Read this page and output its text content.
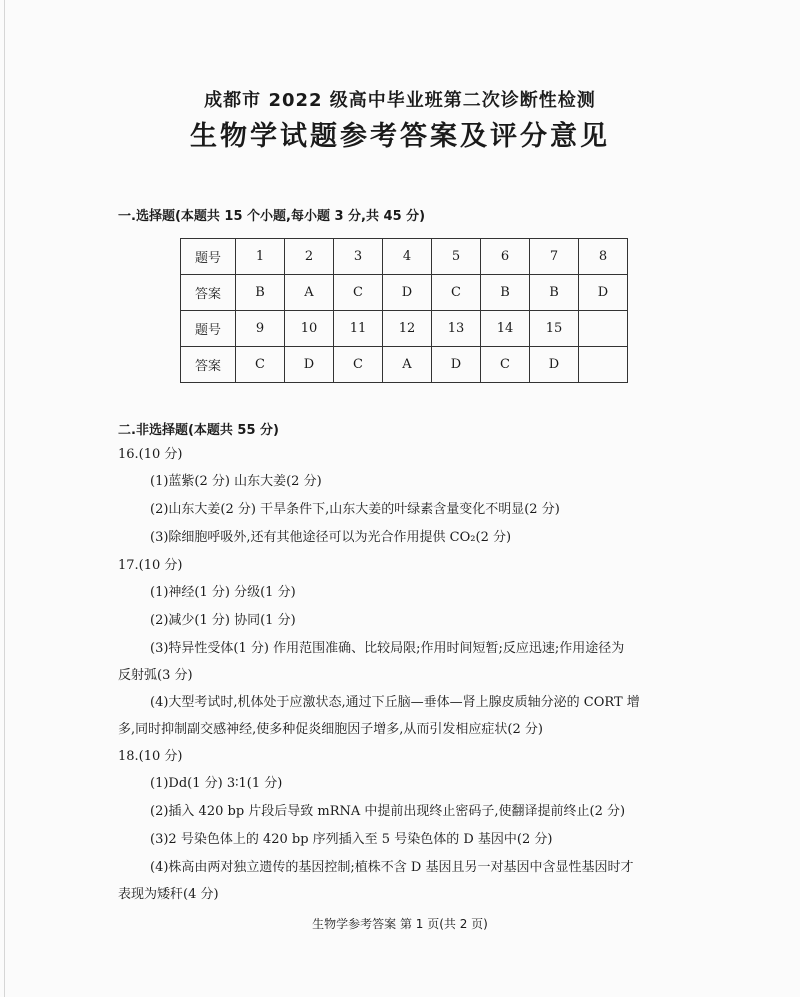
成都市 2022 级高中毕业班第二次诊断性检测
生物学试题参考答案及评分意见
一.选择题(本题共 15 个小题,每小题 3 分,共 45 分)
题号	1	2	3	4	5	6	7	8
答案	B	A	C	D	C	B	B	D
题号	9	10	11	12	13	14	15	
答案	C	D	C	A	D	C	D	
二.非选择题(本题共 55 分)
16.(10 分)
(1)蓝紫(2 分) 山东大姜(2 分)
(2)山东大姜(2 分) 干旱条件下,山东大姜的叶绿素含量变化不明显(2 分)
(3)除细胞呼吸外,还有其他途径可以为光合作用提供 CO₂(2 分)
17.(10 分)
(1)神经(1 分) 分级(1 分)
(2)减少(1 分) 协同(1 分)
(3)特异性受体(1 分) 作用范围准确、比较局限;作用时间短暂;反应迅速;作用途径为
反射弧(3 分)
(4)大型考试时,机体处于应激状态,通过下丘脑—垂体—肾上腺皮质轴分泌的 CORT 增
多,同时抑制副交感神经,使多种促炎细胞因子增多,从而引发相应症状(2 分)
18.(10 分)
(1)Dd(1 分) 3∶1(1 分)
(2)插入 420 bp 片段后导致 mRNA 中提前出现终止密码子,使翻译提前终止(2 分)
(3)2 号染色体上的 420 bp 序列插入至 5 号染色体的 D 基因中(2 分)
(4)株高由两对独立遗传的基因控制;植株不含 D 基因且另一对基因中含显性基因时才
表现为矮秆(4 分)
生物学参考答案 第 1 页(共 2 页)
